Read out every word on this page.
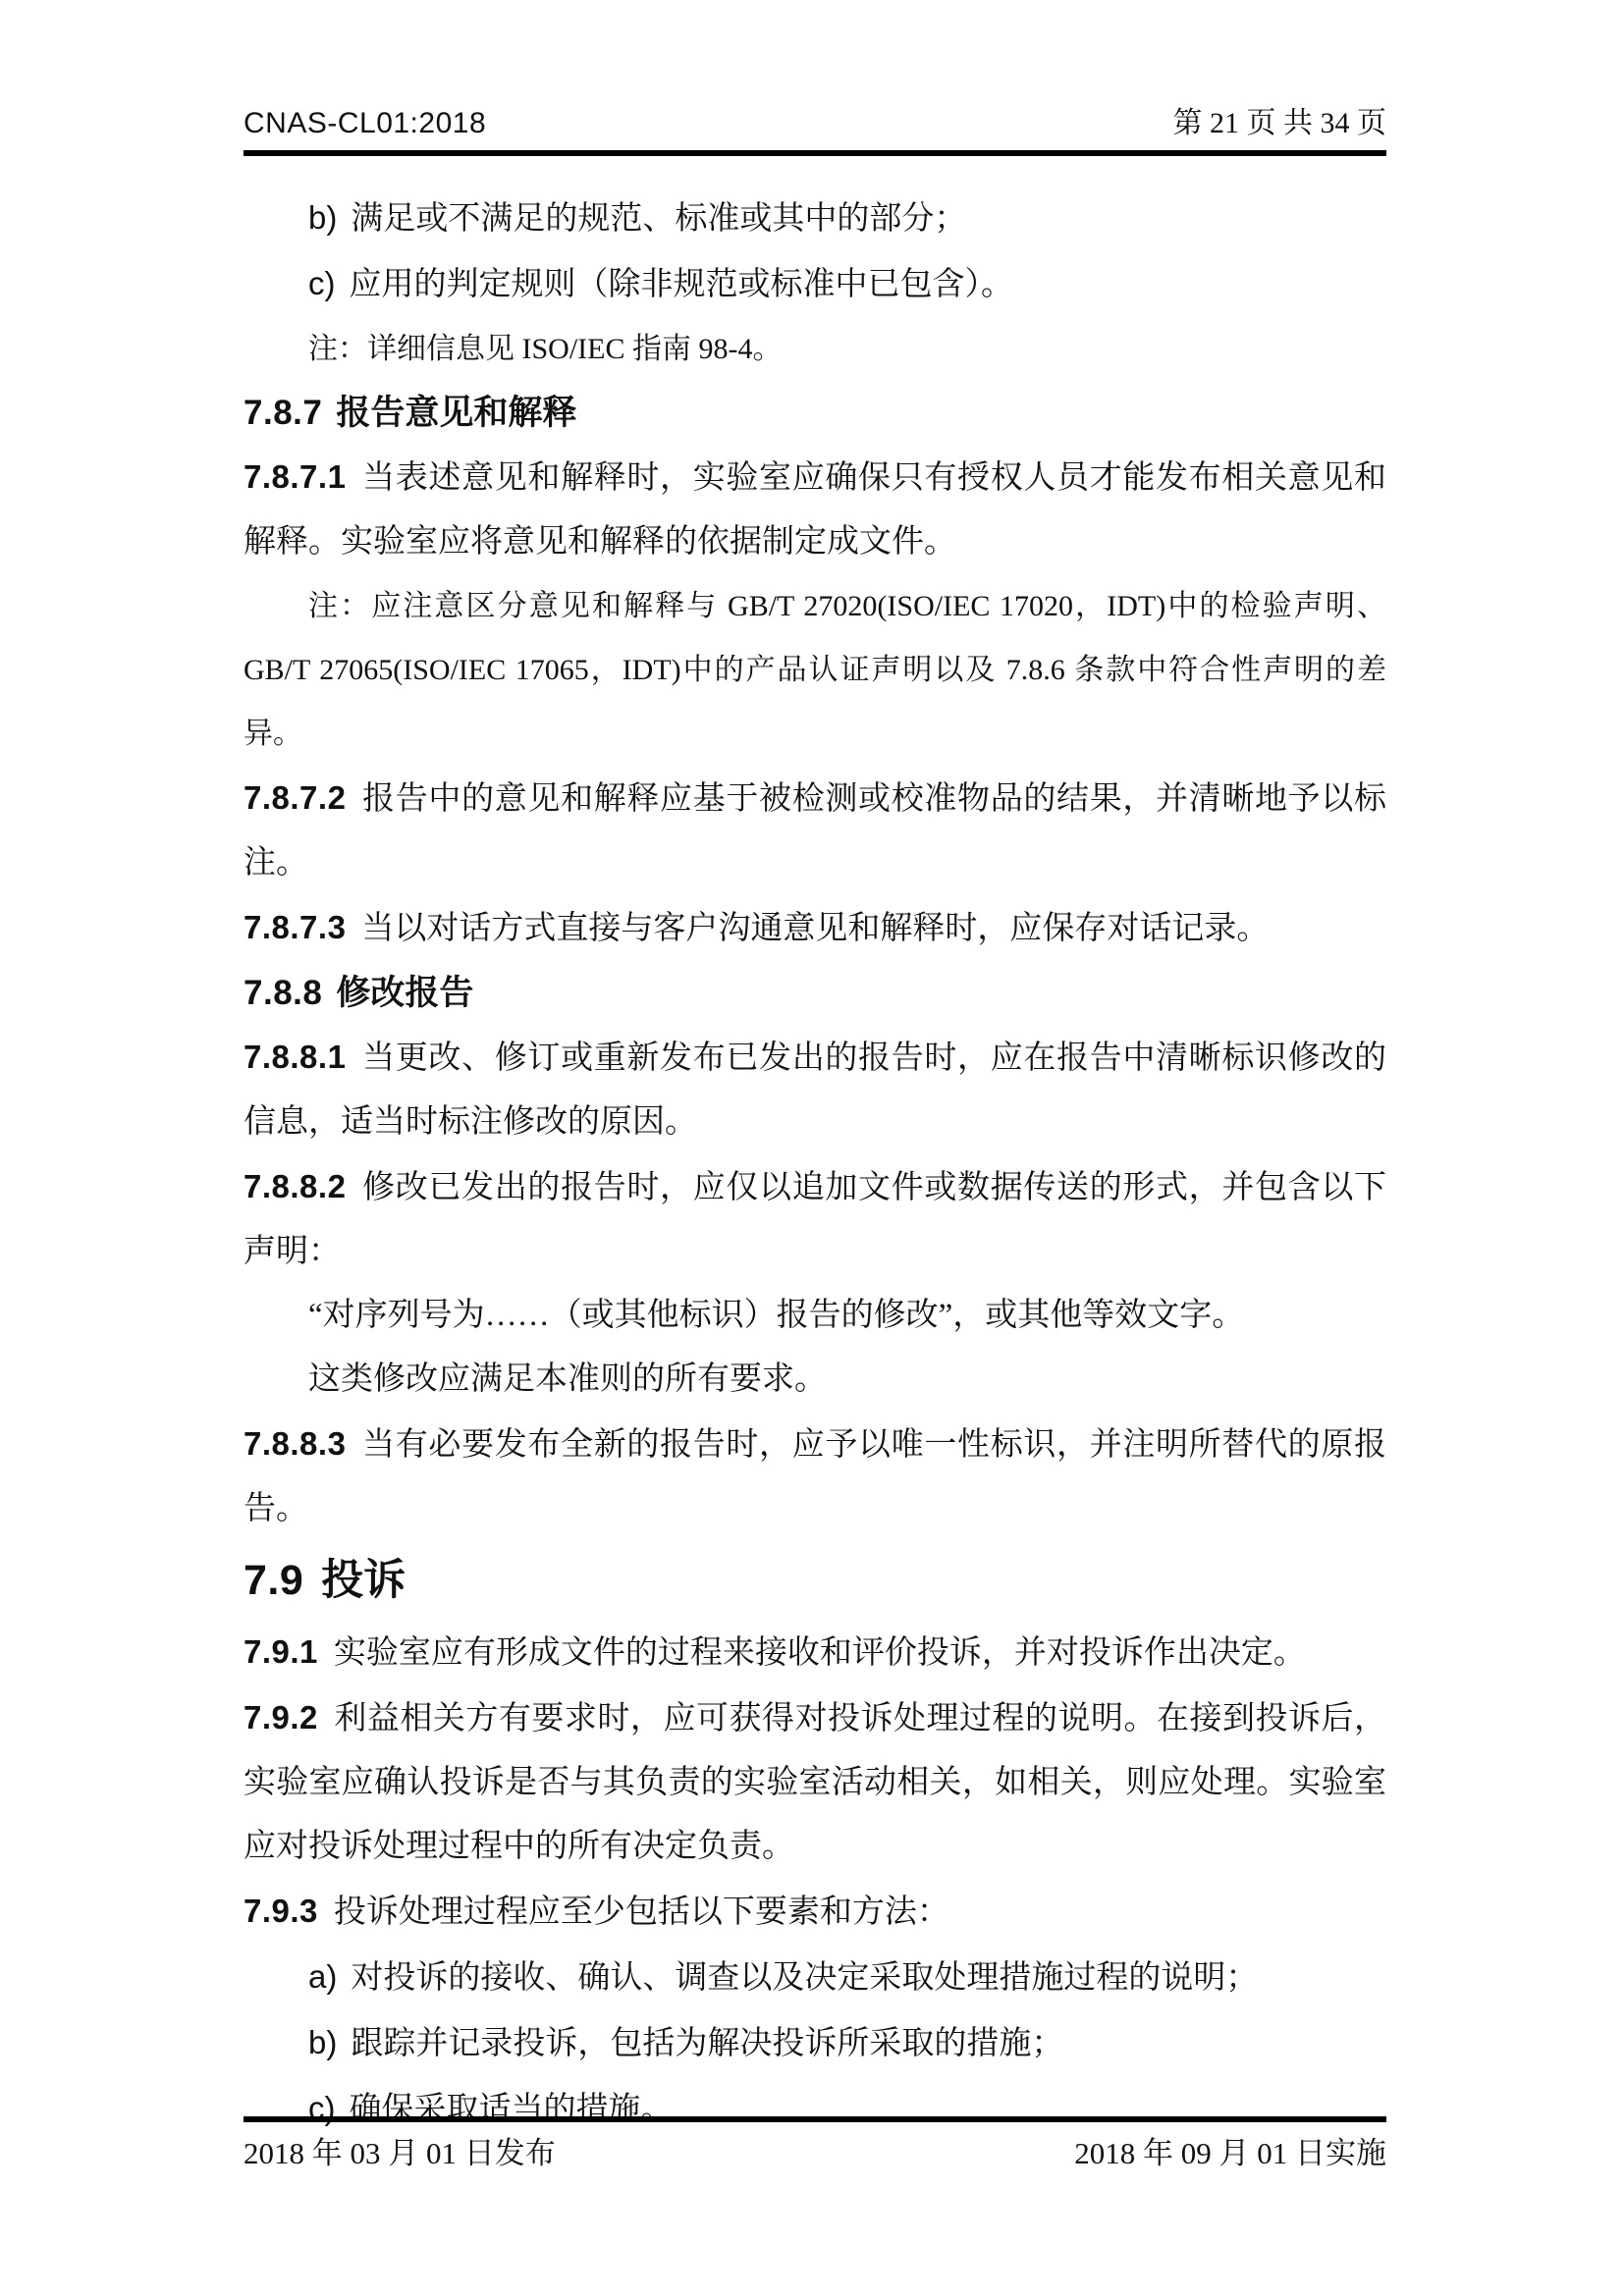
CNAS-CL01:2018	第 21 页 共 34 页

b) 满足或不满足的规范、标准或其中的部分；

c) 应用的判定规则（除非规范或标准中已包含）。

注：详细信息见 ISO/IEC 指南 98-4。

7.8.7 报告意见和解释

7.8.7.1 当表述意见和解释时，实验室应确保只有授权人员才能发布相关意见和解释。实验室应将意见和解释的依据制定成文件。

注：应注意区分意见和解释与 GB/T 27020(ISO/IEC 17020，IDT)中的检验声明、GB/T 27065(ISO/IEC 17065，IDT)中的产品认证声明以及 7.8.6 条款中符合性声明的差异。

7.8.7.2 报告中的意见和解释应基于被检测或校准物品的结果，并清晰地予以标注。

7.8.7.3 当以对话方式直接与客户沟通意见和解释时，应保存对话记录。

7.8.8 修改报告

7.8.8.1 当更改、修订或重新发布已发出的报告时，应在报告中清晰标识修改的信息，适当时标注修改的原因。

7.8.8.2 修改已发出的报告时，应仅以追加文件或数据传送的形式，并包含以下声明：

“对序列号为……（或其他标识）报告的修改”，或其他等效文字。

这类修改应满足本准则的所有要求。

7.8.8.3 当有必要发布全新的报告时，应予以唯一性标识，并注明所替代的原报告。

7.9 投诉

7.9.1 实验室应有形成文件的过程来接收和评价投诉，并对投诉作出决定。

7.9.2 利益相关方有要求时，应可获得对投诉处理过程的说明。在接到投诉后，实验室应确认投诉是否与其负责的实验室活动相关，如相关，则应处理。实验室应对投诉处理过程中的所有决定负责。

7.9.3 投诉处理过程应至少包括以下要素和方法：

a) 对投诉的接收、确认、调查以及决定采取处理措施过程的说明；

b) 跟踪并记录投诉，包括为解决投诉所采取的措施；

c) 确保采取适当的措施。

2018 年 03 月 01 日发布	2018 年 09 月 01 日实施
